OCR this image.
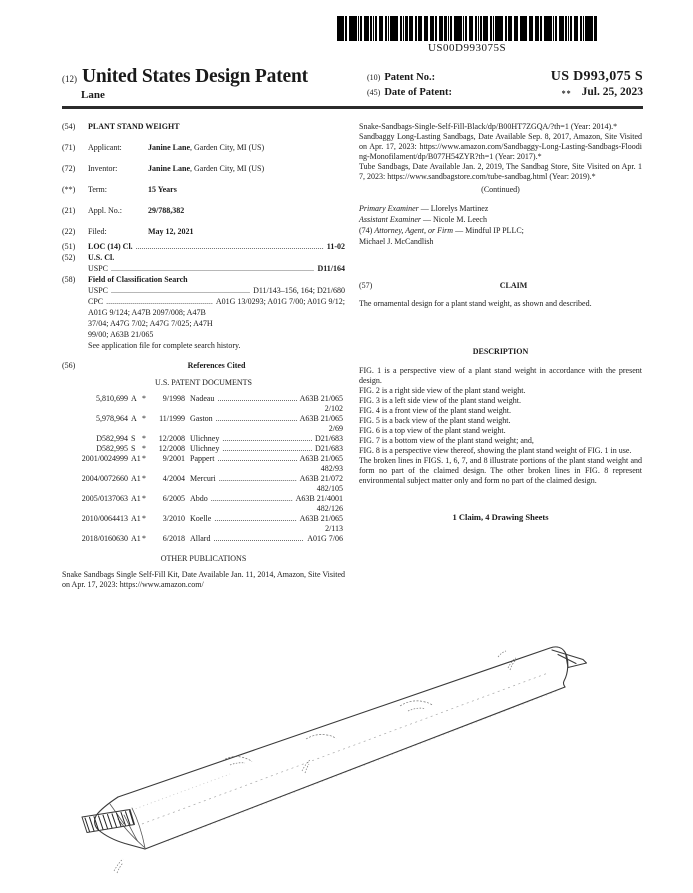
US00D993075S
(12) United States Design Patent
Lane
(10) Patent No.:	US D993,075 S
(45) Date of Patent:	** Jul. 25, 2023
(54)	PLANT STAND WEIGHT
(71)	Applicant:	Janine Lane, Garden City, MI (US)
(72)	Inventor:	Janine Lane, Garden City, MI (US)
(**)	Term:	15 Years
(21)	Appl. No.:	29/788,382
(22)	Filed:	May 12, 2021
(51)	LOC (14) Cl. .....	11-02
(52)	U.S. Cl.
USPC .....	D11/164
(58)	Field of Classification Search
USPC .....	D11/143–156, 164; D21/680
CPC .....	A01G 13/0293; A01G 7/00; A01G 9/12;
A01G 9/124; A47B 2097/008; A47B
37/04; A47G 7/02; A47G 7/025; A47H
99/00; A63B 21/065
See application file for complete search history.
(56)	References Cited
U.S. PATENT DOCUMENTS
5,810,699 A *	9/1998 Nadeau .....	A63B 21/065
2/102
5,978,964 A *	11/1999 Gaston .....	A63B 21/065
2/69
D582,994 S *	12/2008 Ulichney .....	D21/683
D582,995 S *	12/2008 Ulichney .....	D21/683
2001/0024999 A1 *	9/2001 Pappert .....	A63B 21/065
482/93
2004/0072660 A1 *	4/2004 Mercuri .....	A63B 21/072
482/105
2005/0137063 A1 *	6/2005 Abdo .....	A63B 21/4001
482/126
2010/0064413 A1 *	3/2010 Koelle .....	A63B 21/065
2/113
2018/0160630 A1 *	6/2018 Allard .....	A01G 7/06
OTHER PUBLICATIONS
Snake Sandbags Single Self-Fill Kit, Date Available Jan. 11, 2014, Amazon, Site Visited on Apr. 17, 2023: https://www.amazon.com/
Snake-Sandbags-Single-Self-Fill-Black/dp/B00HT7ZGQA/?th=1 (Year: 2014).*
Sandbaggy Long-Lasting Sandbags, Date Available Sep. 8, 2017, Amazon, Site Visited on Apr. 17, 2023: https://www.amazon.com/Sandbaggy-Long-Lasting-Sandbags-Flooding-Monofilament/dp/B077H54ZYR?th=1 (Year: 2017).*
Tube Sandbags, Date Available Jan. 2, 2019, The Sandbag Store, Site Visited on Apr. 17, 2023: https://www.sandbagstore.com/tube-sandbag.html (Year: 2019).*
(Continued)
Primary Examiner — Llorelys Martinez
Assistant Examiner — Nicole M. Leech
(74) Attorney, Agent, or Firm — Mindful IP PLLC;
Michael J. McCandlish
(57)	CLAIM
The ornamental design for a plant stand weight, as shown and described.
DESCRIPTION
FIG. 1 is a perspective view of a plant stand weight in accordance with the present design.
FIG. 2 is a right side view of the plant stand weight.
FIG. 3 is a left side view of the plant stand weight.
FIG. 4 is a front view of the plant stand weight.
FIG. 5 is a back view of the plant stand weight.
FIG. 6 is a top view of the plant stand weight.
FIG. 7 is a bottom view of the plant stand weight; and,
FIG. 8 is a perspective view thereof, showing the plant stand weight of FIG. 1 in use.
The broken lines in FIGS. 1, 6, 7, and 8 illustrate portions of the plant stand weight and form no part of the claimed design. The other broken lines in FIG. 8 represent environmental subject matter only and form no part of the claimed design.
1 Claim, 4 Drawing Sheets
